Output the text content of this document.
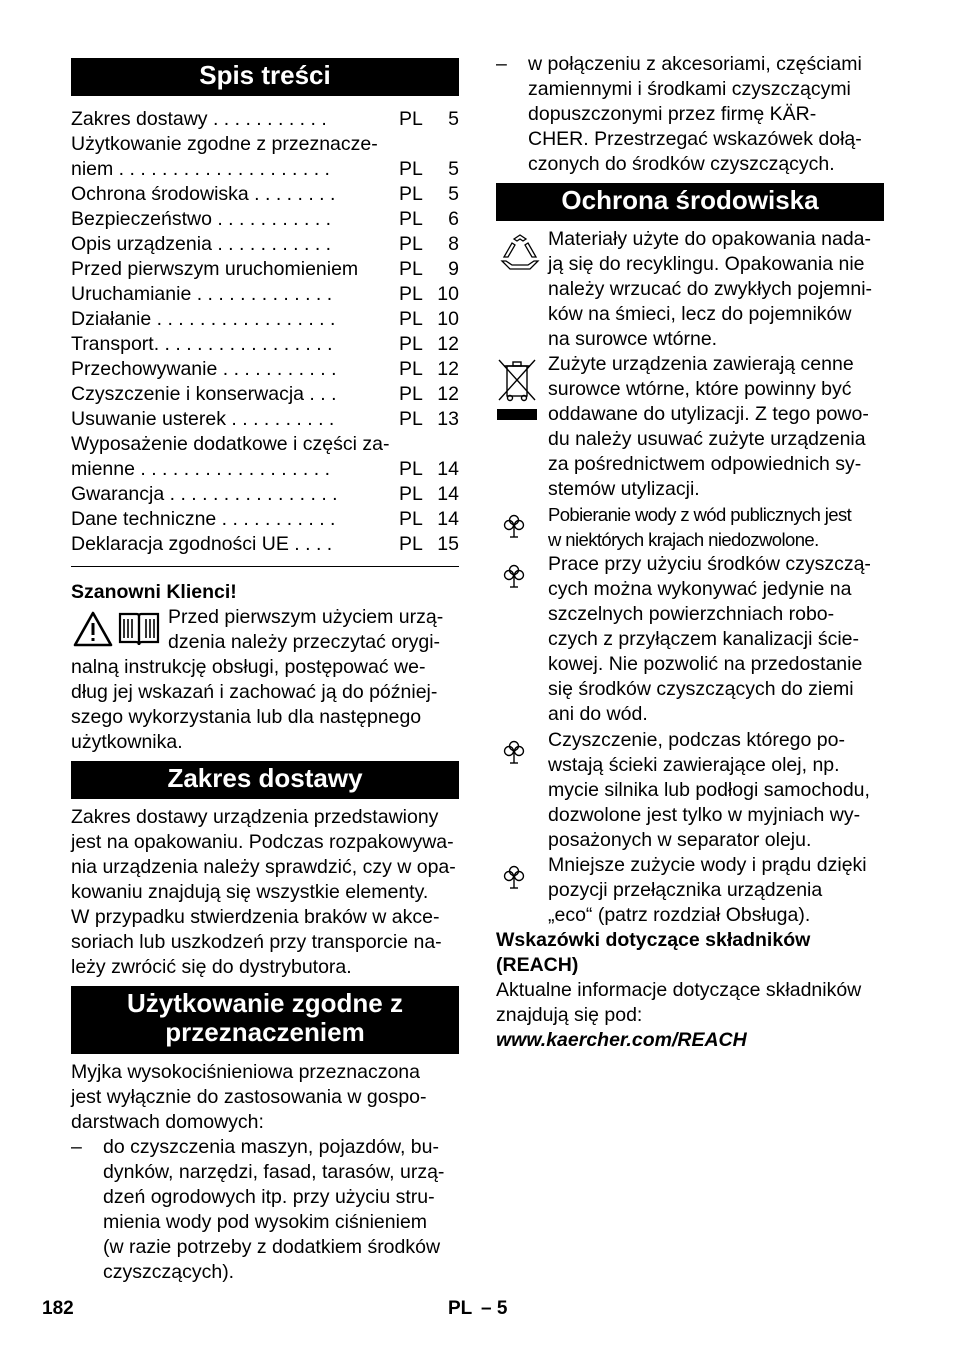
Spis treści
Zakres dostawy . . . . . . . . . . .	PL 5
Użytkowanie zgodne z przeznacze-
niem . . . . . . . . . . . . . . . . . . . .	PL 5
Ochrona środowiska . . . . . . . .	PL 5
Bezpieczeństwo . . . . . . . . . . .	PL 6
Opis urządzenia . . . . . . . . . . .	PL 8
Przed pierwszym uruchomieniem	PL 9
Uruchamianie . . . . . . . . . . . . .	PL 10
Działanie . . . . . . . . . . . . . . . . .	PL 10
Transport. . . . . . . . . . . . . . . . .	PL 12
Przechowywanie . . . . . . . . . . .	PL 12
Czyszczenie i konserwacja . . .	PL 12
Usuwanie usterek . . . . . . . . . .	PL 13
Wyposażenie dodatkowe i części za-
mienne . . . . . . . . . . . . . . . . . .	PL 14
Gwarancja . . . . . . . . . . . . . . . .	PL 14
Dane techniczne . . . . . . . . . . .	PL 14
Deklaracja zgodności UE . . . .	PL 15
Szanowni Klienci!
Przed pierwszym użyciem urzą-
dzenia należy przeczytać orygi-
nalną instrukcję obsługi, postępować we-
dług jej wskazań i zachować ją do później-
szego wykorzystania lub dla następnego
użytkownika.
Zakres dostawy
Zakres dostawy urządzenia przedstawiony
jest na opakowaniu. Podczas rozpakowywa-
nia urządzenia należy sprawdzić, czy w opa-
kowaniu znajdują się wszystkie elementy.
W przypadku stwierdzenia braków w akce-
soriach lub uszkodzeń przy transporcie na-
leży zwrócić się do dystrybutora.
Użytkowanie zgodne z
przeznaczeniem
Myjka wysokociśnieniowa przeznaczona
jest wyłącznie do zastosowania w gospo-
darstwach domowych:
– do czyszczenia maszyn, pojazdów, bu-
dynków, narzędzi, fasad, tarasów, urzą-
dzeń ogrodowych itp. przy użyciu stru-
mienia wody pod wysokim ciśnieniem
(w razie potrzeby z dodatkiem środków
czyszczących).
– w połączeniu z akcesoriami, częściami
zamiennymi i środkami czyszczącymi
dopuszczonymi przez firmę KÄR-
CHER. Przestrzegać wskazówek dołą-
czonych do środków czyszczących.
Ochrona środowiska
Materiały użyte do opakowania nada-
ją się do recyklingu. Opakowania nie
należy wrzucać do zwykłych pojemni-
ków na śmieci, lecz do pojemników
na surowce wtórne.
Zużyte urządzenia zawierają cenne
surowce wtórne, które powinny być
oddawane do utylizacji. Z tego powo-
du należy usuwać zużyte urządzenia
za pośrednictwem odpowiednich sy-
stemów utylizacji.
Pobieranie wody z wód publicznych jest
w niektórych krajach niedozwolone.
Prace przy użyciu środków czyszczą-
cych można wykonywać jedynie na
szczelnych powierzchniach robo-
czych z przyłączem kanalizacji ście-
kowej. Nie pozwolić na przedostanie
się środków czyszczących do ziemi
ani do wód.
Czyszczenie, podczas którego po-
wstają ścieki zawierające olej, np.
mycie silnika lub podłogi samochodu,
dozwolone jest tylko w myjniach wy-
posażonych w separator oleju.
Mniejsze zużycie wody i prądu dzięki
pozycji przełącznika urządzenia
„eco“ (patrz rozdział Obsługa).
Wskazówki dotyczące składników
(REACH)
Aktualne informacje dotyczące składników
znajdują się pod:
www.kaercher.com/REACH
182	PL – 5
